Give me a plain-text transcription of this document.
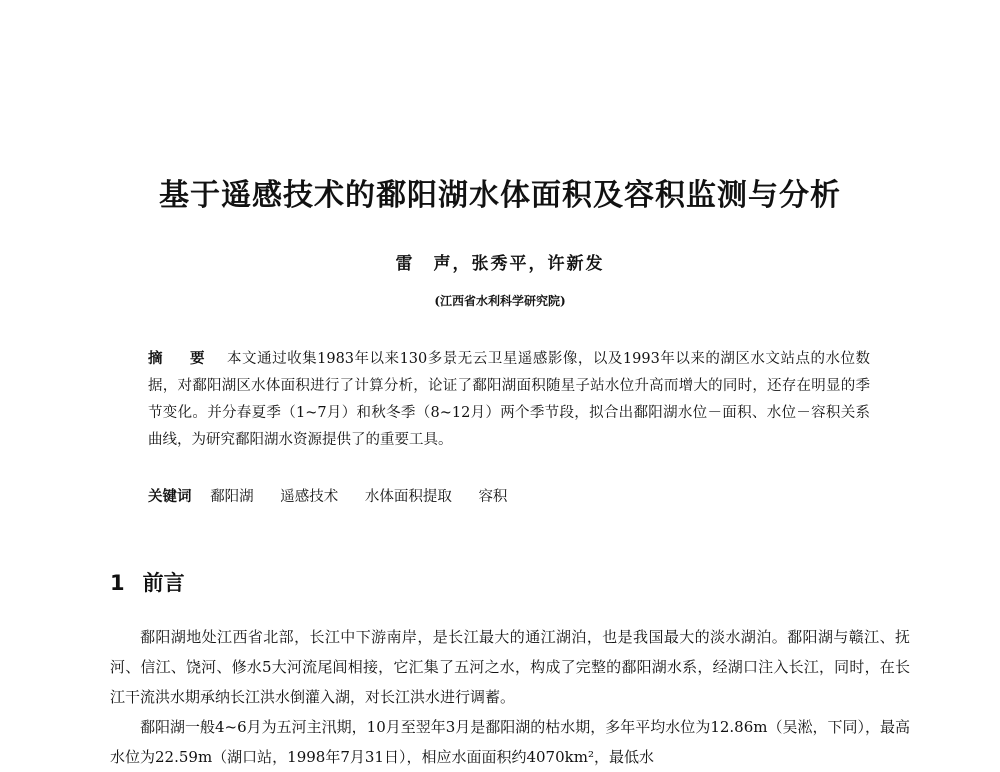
基于遥感技术的鄱阳湖水体面积及容积监测与分析

雷　声，张秀平，许新发

(江西省水利科学研究院)

摘　要 本文通过收集1983年以来130多景无云卫星遥感影像，以及1993年以来的湖区水文站点的水位数据，对鄱阳湖区水体面积进行了计算分析，论证了鄱阳湖面积随星子站水位升高而增大的同时，还存在明显的季节变化。并分春夏季（1~7月）和秋冬季（8~12月）两个季节段，拟合出鄱阳湖水位－面积、水位－容积关系曲线，为研究鄱阳湖水资源提供了的重要工具。

关键词 鄱阳湖 遥感技术 水体面积提取 容积

1 前言

鄱阳湖地处江西省北部，长江中下游南岸，是长江最大的通江湖泊，也是我国最大的淡水湖泊。鄱阳湖与赣江、抚河、信江、饶河、修水5大河流尾闾相接，它汇集了五河之水，构成了完整的鄱阳湖水系，经湖口注入长江，同时，在长江干流洪水期承纳长江洪水倒灌入湖，对长江洪水进行调蓄。

鄱阳湖一般4~6月为五河主汛期，10月至翌年3月是鄱阳湖的枯水期，多年平均水位为12.86m（吴淞，下同），最高水位为22.59m（湖口站，1998年7月31日），相应水面面积约4070km²，最低水
